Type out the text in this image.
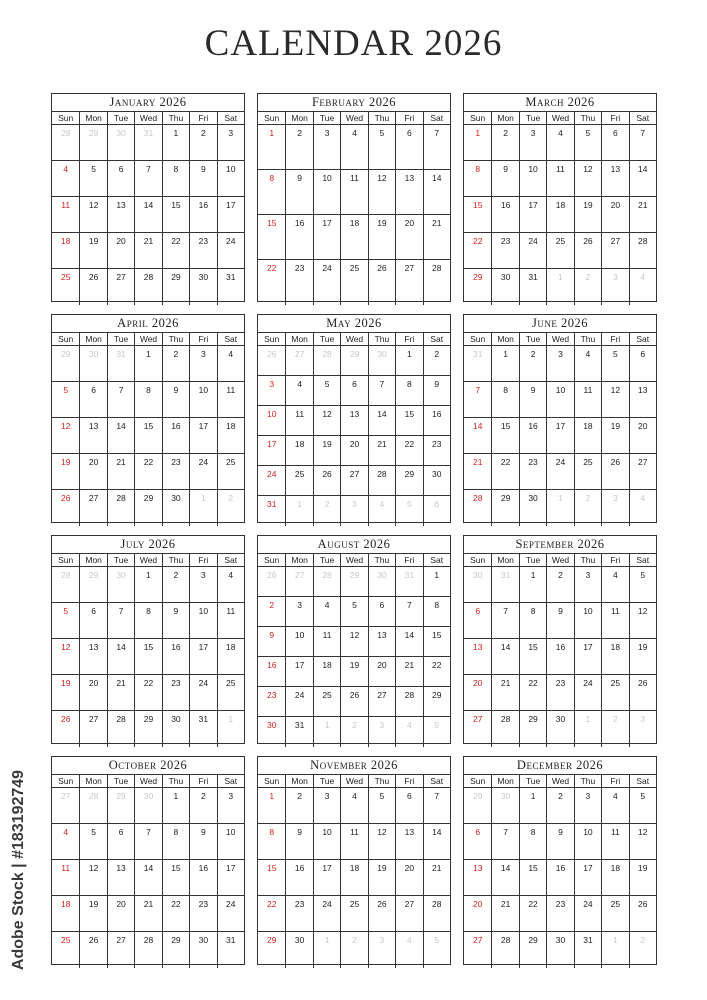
CALENDAR 2026
Adobe Stock | #183192749
January 2026
Sun	Mon	Tue	Wed	Thu	Fri	Sat
28	29	30	31	1	2	3
4	5	6	7	8	9	10
11	12	13	14	15	16	17
18	19	20	21	22	23	24
25	26	27	28	29	30	31
February 2026
Sun	Mon	Tue	Wed	Thu	Fri	Sat
1	2	3	4	5	6	7
8	9	10	11	12	13	14
15	16	17	18	19	20	21
22	23	24	25	26	27	28
March 2026
Sun	Mon	Tue	Wed	Thu	Fri	Sat
1	2	3	4	5	6	7
8	9	10	11	12	13	14
15	16	17	18	19	20	21
22	23	24	25	26	27	28
29	30	31	1	2	3	4
April 2026
Sun	Mon	Tue	Wed	Thu	Fri	Sat
29	30	31	1	2	3	4
5	6	7	8	9	10	11
12	13	14	15	16	17	18
19	20	21	22	23	24	25
26	27	28	29	30	1	2
May 2026
Sun	Mon	Tue	Wed	Thu	Fri	Sat
26	27	28	29	30	1	2
3	4	5	6	7	8	9
10	11	12	13	14	15	16
17	18	19	20	21	22	23
24	25	26	27	28	29	30
31	1	2	3	4	5	6
June 2026
Sun	Mon	Tue	Wed	Thu	Fri	Sat
31	1	2	3	4	5	6
7	8	9	10	11	12	13
14	15	16	17	18	19	20
21	22	23	24	25	26	27
28	29	30	1	2	3	4
July 2026
Sun	Mon	Tue	Wed	Thu	Fri	Sat
28	29	30	1	2	3	4
5	6	7	8	9	10	11
12	13	14	15	16	17	18
19	20	21	22	23	24	25
26	27	28	29	30	31	1
August 2026
Sun	Mon	Tue	Wed	Thu	Fri	Sat
26	27	28	29	30	31	1
2	3	4	5	6	7	8
9	10	11	12	13	14	15
16	17	18	19	20	21	22
23	24	25	26	27	28	29
30	31	1	2	3	4	5
September 2026
Sun	Mon	Tue	Wed	Thu	Fri	Sat
30	31	1	2	3	4	5
6	7	8	9	10	11	12
13	14	15	16	17	18	19
20	21	22	23	24	25	26
27	28	29	30	1	2	3
October 2026
Sun	Mon	Tue	Wed	Thu	Fri	Sat
27	28	29	30	1	2	3
4	5	6	7	8	9	10
11	12	13	14	15	16	17
18	19	20	21	22	23	24
25	26	27	28	29	30	31
November 2026
Sun	Mon	Tue	Wed	Thu	Fri	Sat
1	2	3	4	5	6	7
8	9	10	11	12	13	14
15	16	17	18	19	20	21
22	23	24	25	26	27	28
29	30	1	2	3	4	5
December 2026
Sun	Mon	Tue	Wed	Thu	Fri	Sat
29	30	1	2	3	4	5
6	7	8	9	10	11	12
13	14	15	16	17	18	19
20	21	22	23	24	25	26
27	28	29	30	31	1	2
